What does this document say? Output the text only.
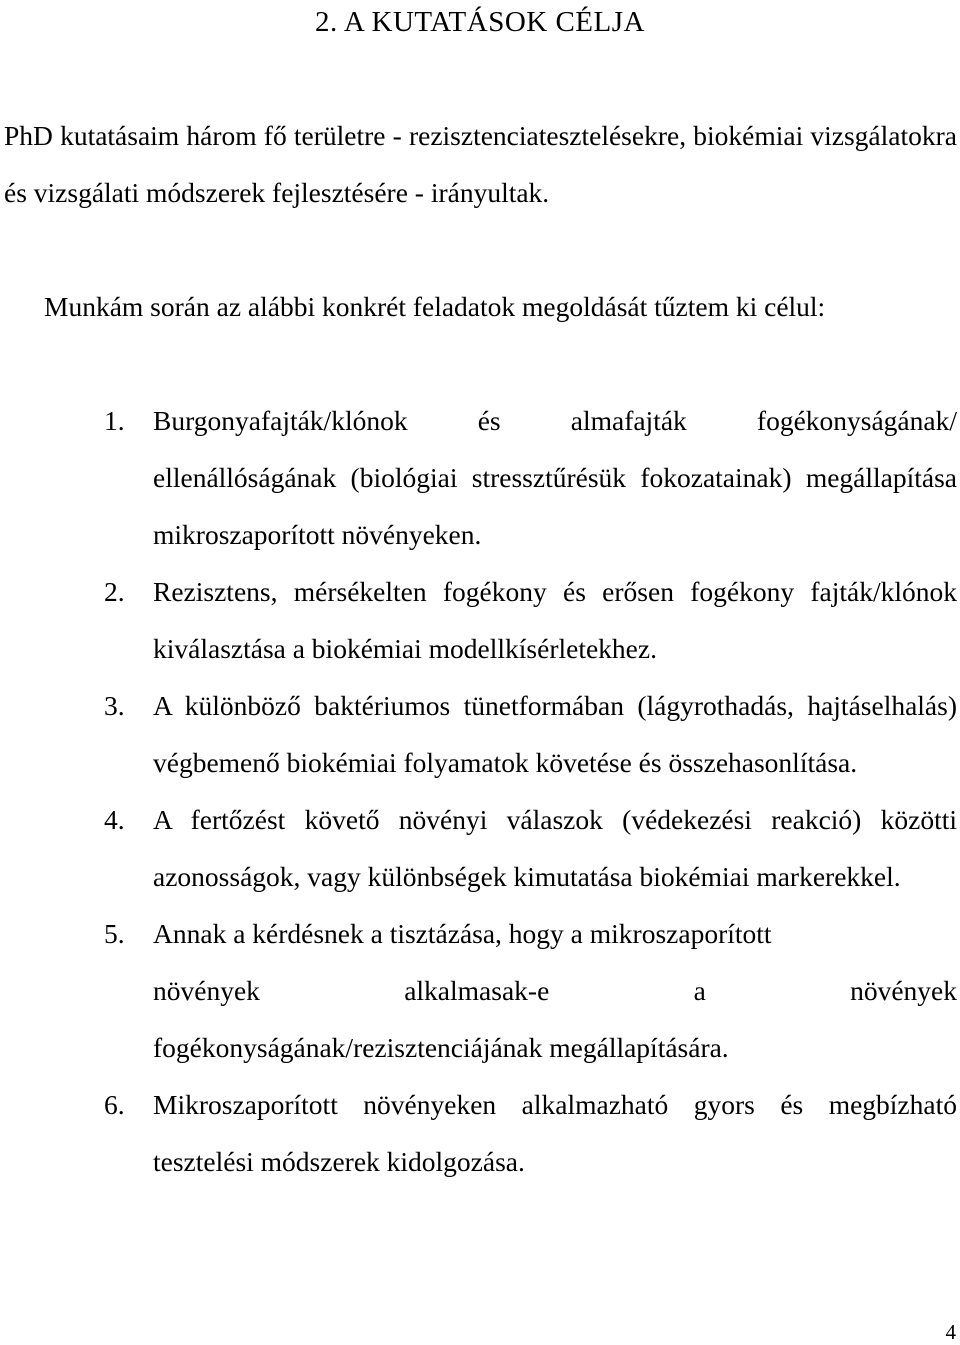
2. A KUTATÁSOK CÉLJA
PhD kutatásaim három fő területre - rezisztenciatesztelésekre, biokémiai vizsgálatokra és vizsgálati módszerek fejlesztésére - irányultak.
Munkám során az alábbi konkrét feladatok megoldását tűztem ki célul:
1. Burgonyafajták/klónok és almafajták fogékonyságának/ ellenállóságának (biológiai stressztűrésük fokozatainak) megállapítása mikroszaporított növényeken.
2. Rezisztens, mérsékelten fogékony és erősen fogékony fajták/klónok kiválasztása a biokémiai modellkísérletekhez.
3. A különböző baktériumos tünetformában (lágyrothadás, hajtáselhalás) végbemenő biokémiai folyamatok követése és összehasonlítása.
4. A fertőzést követő növényi válaszok (védekezési reakció) közötti azonosságok, vagy különbségek kimutatása biokémiai markerekkel.
5. Annak a kérdésnek a tisztázása, hogy a mikroszaporított
növények alkalmasak-e a növények
fogékonyságának/rezisztenciájának megállapítására.
6. Mikroszaporított növényeken alkalmazható gyors és megbízható tesztelési módszerek kidolgozása.
4
